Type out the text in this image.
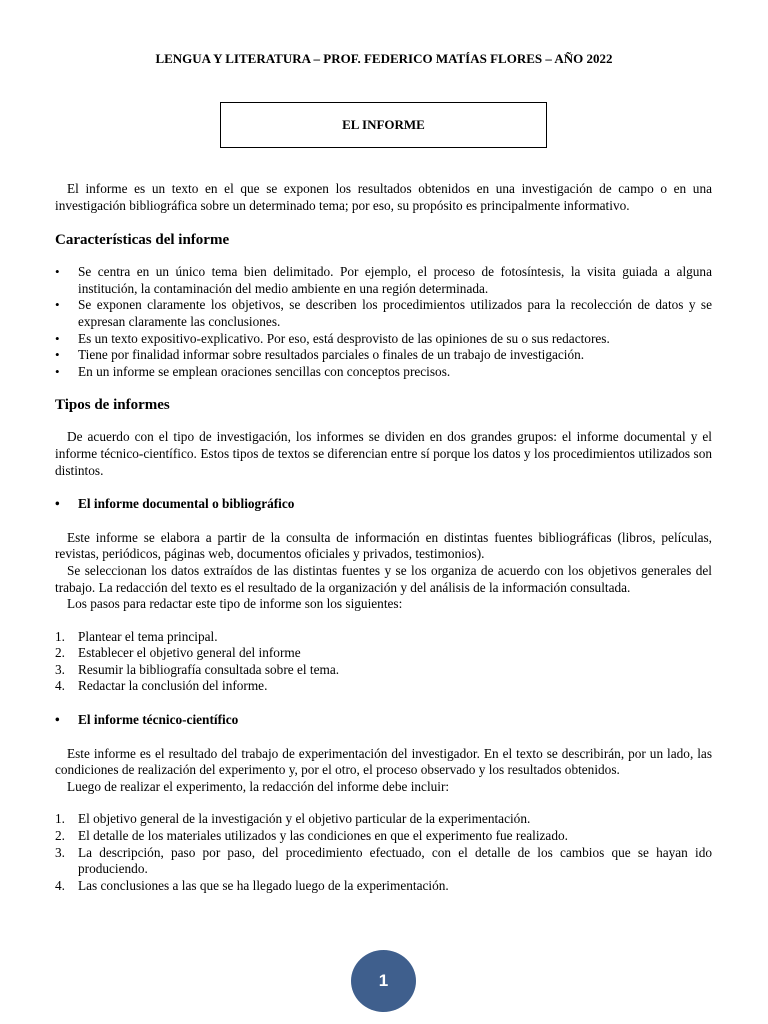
LENGUA Y LITERATURA – PROF. FEDERICO MATÍAS FLORES – AÑO 2022
EL INFORME

El informe es un texto en el que se exponen los resultados obtenidos en una investigación de campo o en una investigación bibliográfica sobre un determinado tema; por eso, su propósito es principalmente informativo.

Características del informe
• Se centra en un único tema bien delimitado. Por ejemplo, el proceso de fotosíntesis, la visita guiada a alguna institución, la contaminación del medio ambiente en una región determinada.
• Se exponen claramente los objetivos, se describen los procedimientos utilizados para la recolección de datos y se expresan claramente las conclusiones.
• Es un texto expositivo-explicativo. Por eso, está desprovisto de las opiniones de su o sus redactores.
• Tiene por finalidad informar sobre resultados parciales o finales de un trabajo de investigación.
• En un informe se emplean oraciones sencillas con conceptos precisos.
Tipos de informes

De acuerdo con el tipo de investigación, los informes se dividen en dos grandes grupos: el informe documental y el informe técnico-científico. Estos tipos de textos se diferencian entre sí porque los datos y los procedimientos utilizados son distintos.

• El informe documental o bibliográfico

Este informe se elabora a partir de la consulta de información en distintas fuentes bibliográficas (libros, películas, revistas, periódicos, páginas web, documentos oficiales y privados, testimonios).

Se seleccionan los datos extraídos de las distintas fuentes y se los organiza de acuerdo con los objetivos generales del trabajo. La redacción del texto es el resultado de la organización y del análisis de la información consultada.

Los pasos para redactar este tipo de informe son los siguientes:

1. Plantear el tema principal.
2. Establecer el objetivo general del informe
3. Resumir la bibliografía consultada sobre el tema.
4. Redactar la conclusión del informe.
• El informe técnico-científico

Este informe es el resultado del trabajo de experimentación del investigador. En el texto se describirán, por un lado, las condiciones de realización del experimento y, por el otro, el proceso observado y los resultados obtenidos.

Luego de realizar el experimento, la redacción del informe debe incluir:

1. El objetivo general de la investigación y el objetivo particular de la experimentación.
2. El detalle de los materiales utilizados y las condiciones en que el experimento fue realizado.
3. La descripción, paso por paso, del procedimiento efectuado, con el detalle de los cambios que se hayan ido produciendo.
4. Las conclusiones a las que se ha llegado luego de la experimentación.
1
